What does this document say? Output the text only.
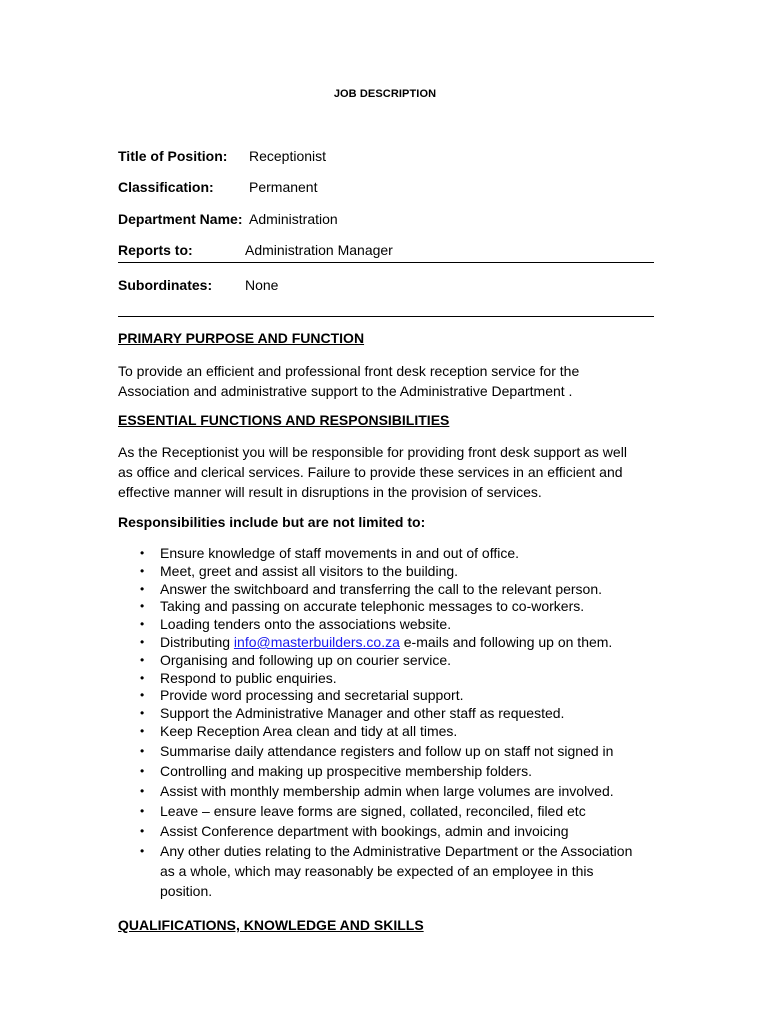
JOB DESCRIPTION
Title of Position: Receptionist
Classification:	Permanent
Department Name: Administration
Reports to:	Administration Manager
Subordinates: None
PRIMARY PURPOSE AND FUNCTION
To provide an efficient and professional front desk reception service for the
Association and administrative support to the Administrative Department .
ESSENTIAL FUNCTIONS AND RESPONSIBILITIES
As the Receptionist you will be responsible for providing front desk support as well
as office and clerical services. Failure to provide these services in an efficient and
effective manner will result in disruptions in the provision of services.
Responsibilities include but are not limited to:
• Ensure knowledge of staff movements in and out of office.
• Meet, greet and assist all visitors to the building.
• Answer the switchboard and transferring the call to the relevant person.
• Taking and passing on accurate telephonic messages to co-workers.
• Loading tenders onto the associations website.
• Distributing info@masterbuilders.co.za e-mails and following up on them.
• Organising and following up on courier service.
• Respond to public enquiries.
• Provide word processing and secretarial support.
• Support the Administrative Manager and other staff as requested.
• Keep Reception Area clean and tidy at all times.
• Summarise daily attendance registers and follow up on staff not signed in
• Controlling and making up prospecitive membership folders.
• Assist with monthly membership admin when large volumes are involved.
• Leave – ensure leave forms are signed, collated, reconciled, filed etc
• Assist Conference department with bookings, admin and invoicing
• Any other duties relating to the Administrative Department or the Association
as a whole, which may reasonably be expected of an employee in this
position.
QUALIFICATIONS, KNOWLEDGE AND SKILLS
